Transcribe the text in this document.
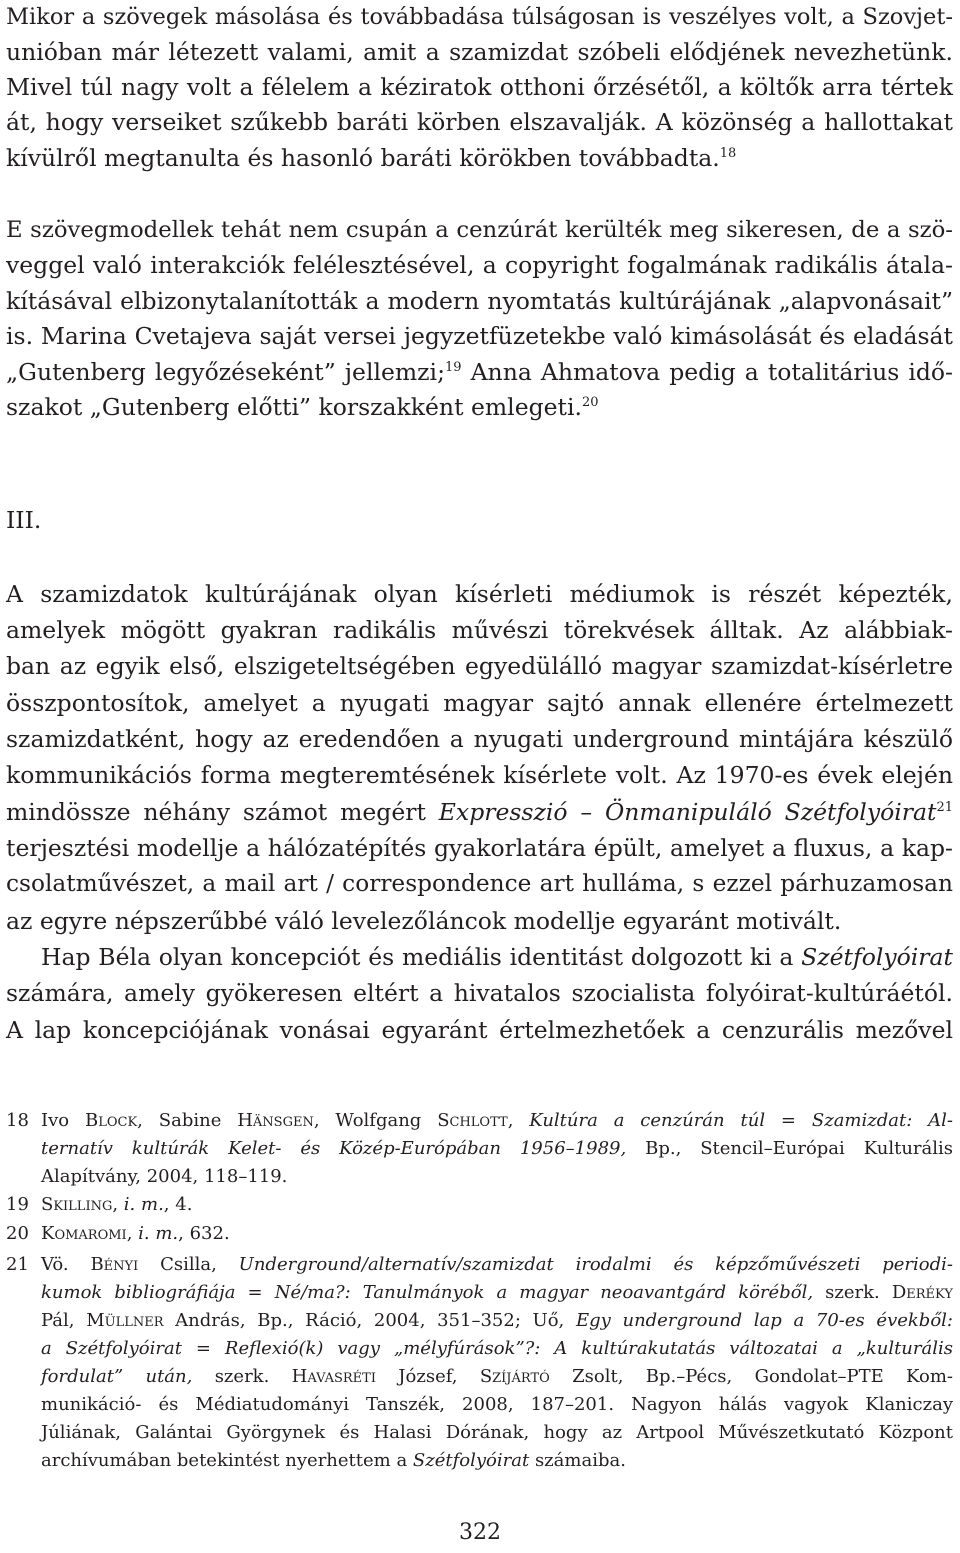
Mikor a szövegek másolása és továbbadása túlságosan is veszélyes volt, a Szovjet-
unióban már létezett valami, amit a szamizdat szóbeli elődjének nevezhetünk.
Mivel túl nagy volt a félelem a kéziratok otthoni őrzésétől, a költők arra tértek
át, hogy verseiket szűkebb baráti körben elszavalják. A közönség a hallottakat
kívülről megtanulta és hasonló baráti körökben továbbadta.$^{18}$
E szövegmodellek tehát nem csupán a cenzúrát kerülték meg sikeresen, de a szö-
veggel való interakciók felélesztésével, a copyright fogalmának radikális átala-
kításával elbizonytalanították a modern nyomtatás kultúrájának „alapvonásait”
is. Marina Cvetajeva saját versei jegyzetfüzetekbe való kimásolását és eladását
„Gutenberg legyőzéseként” jellemzi;$^{19}$ Anna Ahmatova pedig a totalitárius idő-
szakot „Gutenberg előtti” korszakként emlegeti.$^{20}$
III.
A szamizdatok kultúrájának olyan kísérleti médiumok is részét képezték,
amelyek mögött gyakran radikális művészi törekvések álltak. Az alábbiak-
ban az egyik első, elszigeteltségében egyedülálló magyar szamizdat-kísérletre
összpontosítok, amelyet a nyugati magyar sajtó annak ellenére értelmezett
szamizdatként, hogy az eredendően a nyugati underground mintájára készülő
kommunikációs forma megteremtésének kísérlete volt. Az 1970-es évek elején
mindössze néhány számot megért Expresszió – Önmanipuláló Szétfolyóirat$^{21}$
terjesztési modellje a hálózatépítés gyakorlatára épült, amelyet a fluxus, a kap-
csolatművészet, a mail art / correspondence art hulláma, s ezzel párhuzamosan
az egyre népszerűbbé váló levelezőláncok modellje egyaránt motivált.
Hap Béla olyan koncepciót és mediális identitást dolgozott ki a Szétfolyóirat
számára, amely gyökeresen eltért a hivatalos szocialista folyóirat-kultúráétól.
A lap koncepciójának vonásai egyaránt értelmezhetőek a cenzurális mezővel
18 Ivo Block, Sabine Hänsgen, Wolfgang Schlott, Kultúra a cenzúrán túl = Szamizdat: Al-
ternatív kultúrák Kelet- és Közép-Európában 1956–1989, Bp., Stencil–Európai Kulturális
Alapítvány, 2004, 118–119.
19 Skilling, i. m., 4.
20 Komaromi, i. m., 632.
21 Vö. Bényi Csilla, Underground/alternatív/szamizdat irodalmi és képzőművészeti periodi-
kumok bibliográfiája = Né/ma?: Tanulmányok a magyar neoavantgárd köréből, szerk. Deréky
Pál, Müllner András, Bp., Ráció, 2004, 351–352; Uő, Egy underground lap a 70-es évekből:
a Szétfolyóirat = Reflexió(k) vagy „mélyfúrások”?: A kultúrakutatás változatai a „kulturális
fordulat” után, szerk. Havasréti József, Szíjártó Zsolt, Bp.–Pécs, Gondolat–PTE Kom-
munikáció- és Médiatudományi Tanszék, 2008, 187–201. Nagyon hálás vagyok Klaniczay
Júliának, Galántai Györgynek és Halasi Dórának, hogy az Artpool Művészetkutató Központ
archívumában betekintést nyerhettem a Szétfolyóirat számaiba.
322
